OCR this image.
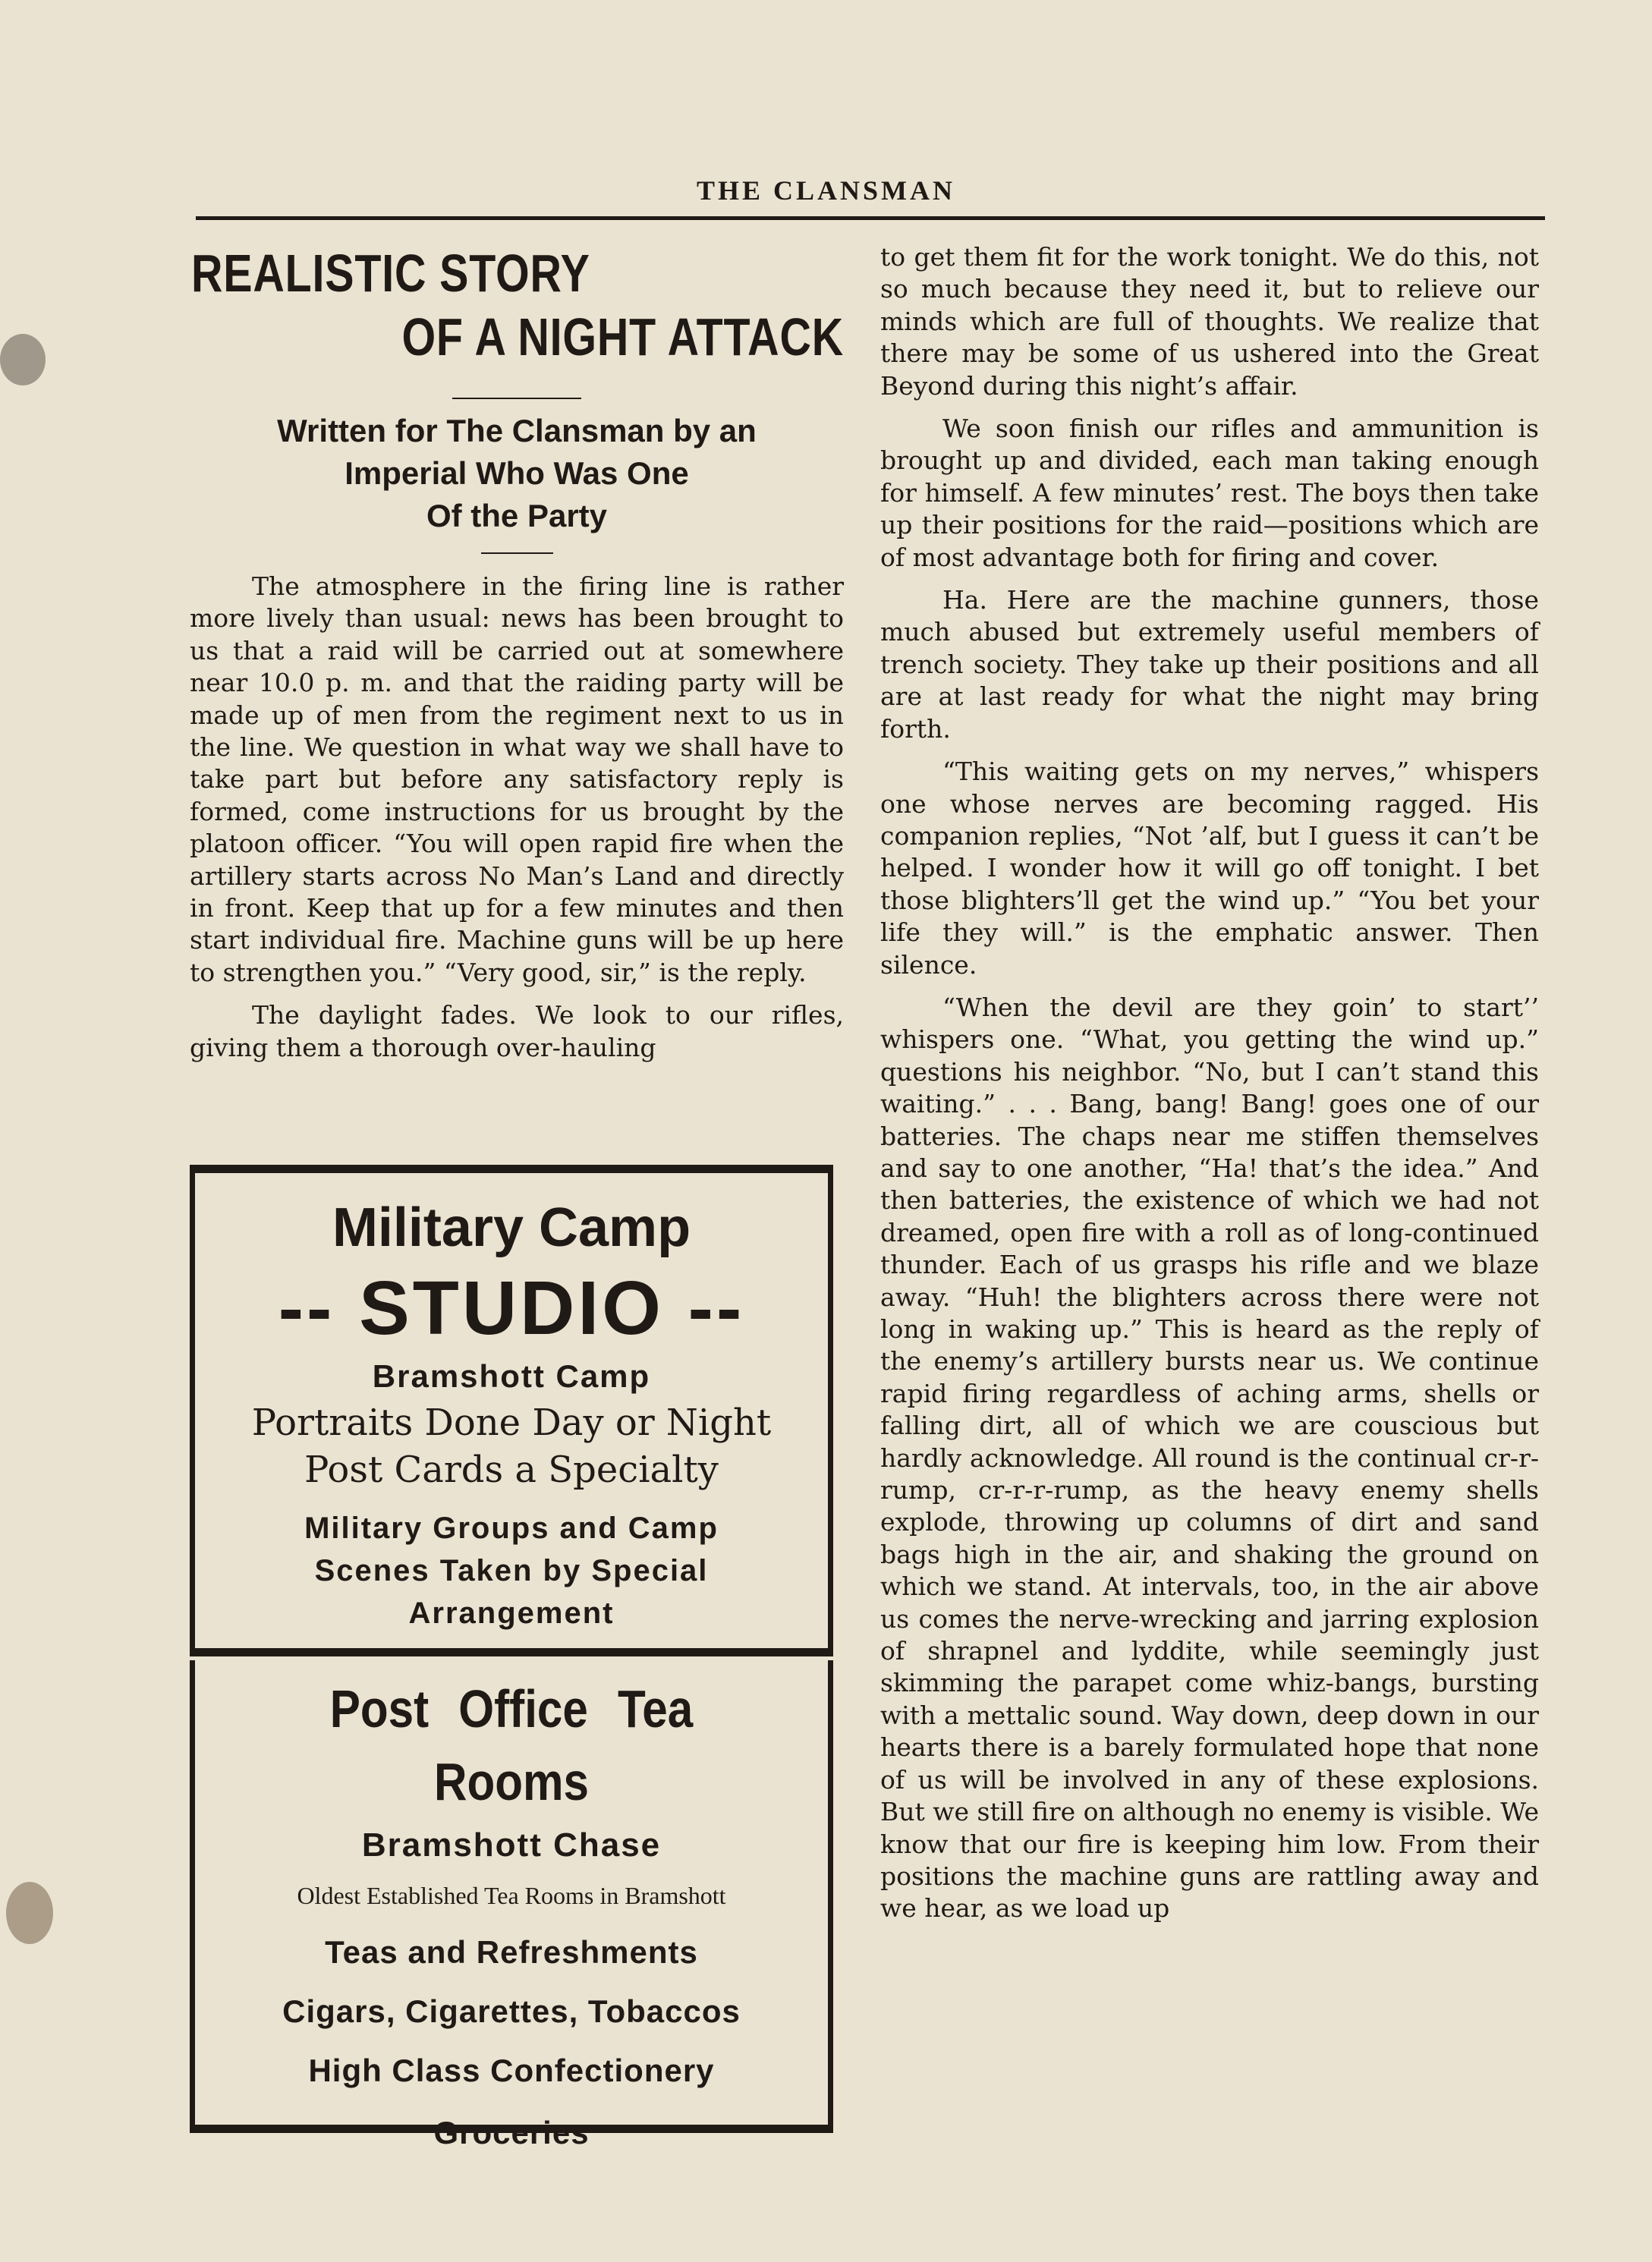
THE CLANSMAN
REALISTIC STORY
OF A NIGHT ATTACK
Written for The Clansman by an
Imperial Who Was One
Of the Party

The atmosphere in the firing line is rather more lively than usual: news has been brought to us that a raid will be carried out at somewhere near 10.0 p. m. and that the raiding party will be made up of men from the regiment next to us in the line. We question in what way we shall have to take part but before any satisfactory reply is formed, come instructions for us brought by the platoon officer. “You will open rapid fire when the artillery starts across No Man’s Land and directly in front. Keep that up for a few minutes and then start individual fire. Machine guns will be up here to strengthen you.” “Very good, sir,” is the reply.

The daylight fades. We look to our rifles, giving them a thorough over-hauling

Military Camp
-- STUDIO --
Bramshott Camp
Portraits Done Day or Night
Post Cards a Specialty
Military Groups and Camp
Scenes Taken by Special
Arrangement
Post Office Tea Rooms
Bramshott Chase
Oldest Established Tea Rooms in Bramshott
Teas and Refreshments
Cigars, Cigarettes, Tobaccos
High Class Confectionery

to get them fit for the work tonight. We do this, not so much because they need it, but to relieve our minds which are full of thoughts. We realize that there may be some of us ushered into the Great Beyond during this night’s affair.

We soon finish our rifles and ammunition is brought up and divided, each man taking enough for himself. A few minutes’ rest. The boys then take up their positions for the raid—positions which are of most advantage both for firing and cover.

Ha. Here are the machine gunners, those much abused but extremely useful members of trench society. They take up their positions and all are at last ready for what the night may bring forth.

“This waiting gets on my nerves,” whispers one whose nerves are becoming ragged. His companion replies, “Not ’alf, but I guess it can’t be helped. I wonder how it will go off tonight. I bet those blighters’ll get the wind up.” “You bet your life they will.” is the emphatic answer. Then silence.

“When the devil are they goin’ to start’’ whispers one. “What, you getting the wind up.” questions his neighbor. “No, but I can’t stand this waiting.” . . . Bang, bang! Bang! goes one of our batteries. The chaps near me stiffen themselves and say to one another, “Ha! that’s the idea.” And then batteries, the existence of which we had not dreamed, open fire with a roll as of long-continued thunder. Each of us grasps his rifle and we blaze away. “Huh! the blighters across there were not long in waking up.” This is heard as the reply of the enemy’s artillery bursts near us. We continue rapid firing regardless of aching arms, shells or falling dirt, all of which we are couscious but hardly acknowledge. All round is the continual cr-r-rump, cr-r-r-rump, as the heavy enemy shells explode, throwing up columns of dirt and sand bags high in the air, and shaking the ground on which we stand. At intervals, too, in the air above us comes the nerve-wrecking and jarring explosion of shrapnel and lyddite, while seemingly just skimming the parapet come whiz-bangs, bursting with a mettalic sound. Way down, deep down in our hearts there is a barely formulated hope that none of us will be involved in any of these explosions. But we still fire on although no enemy is visible. We know that our fire is keeping him low. From their positions the machine guns are rattling away and we hear, as we load up
